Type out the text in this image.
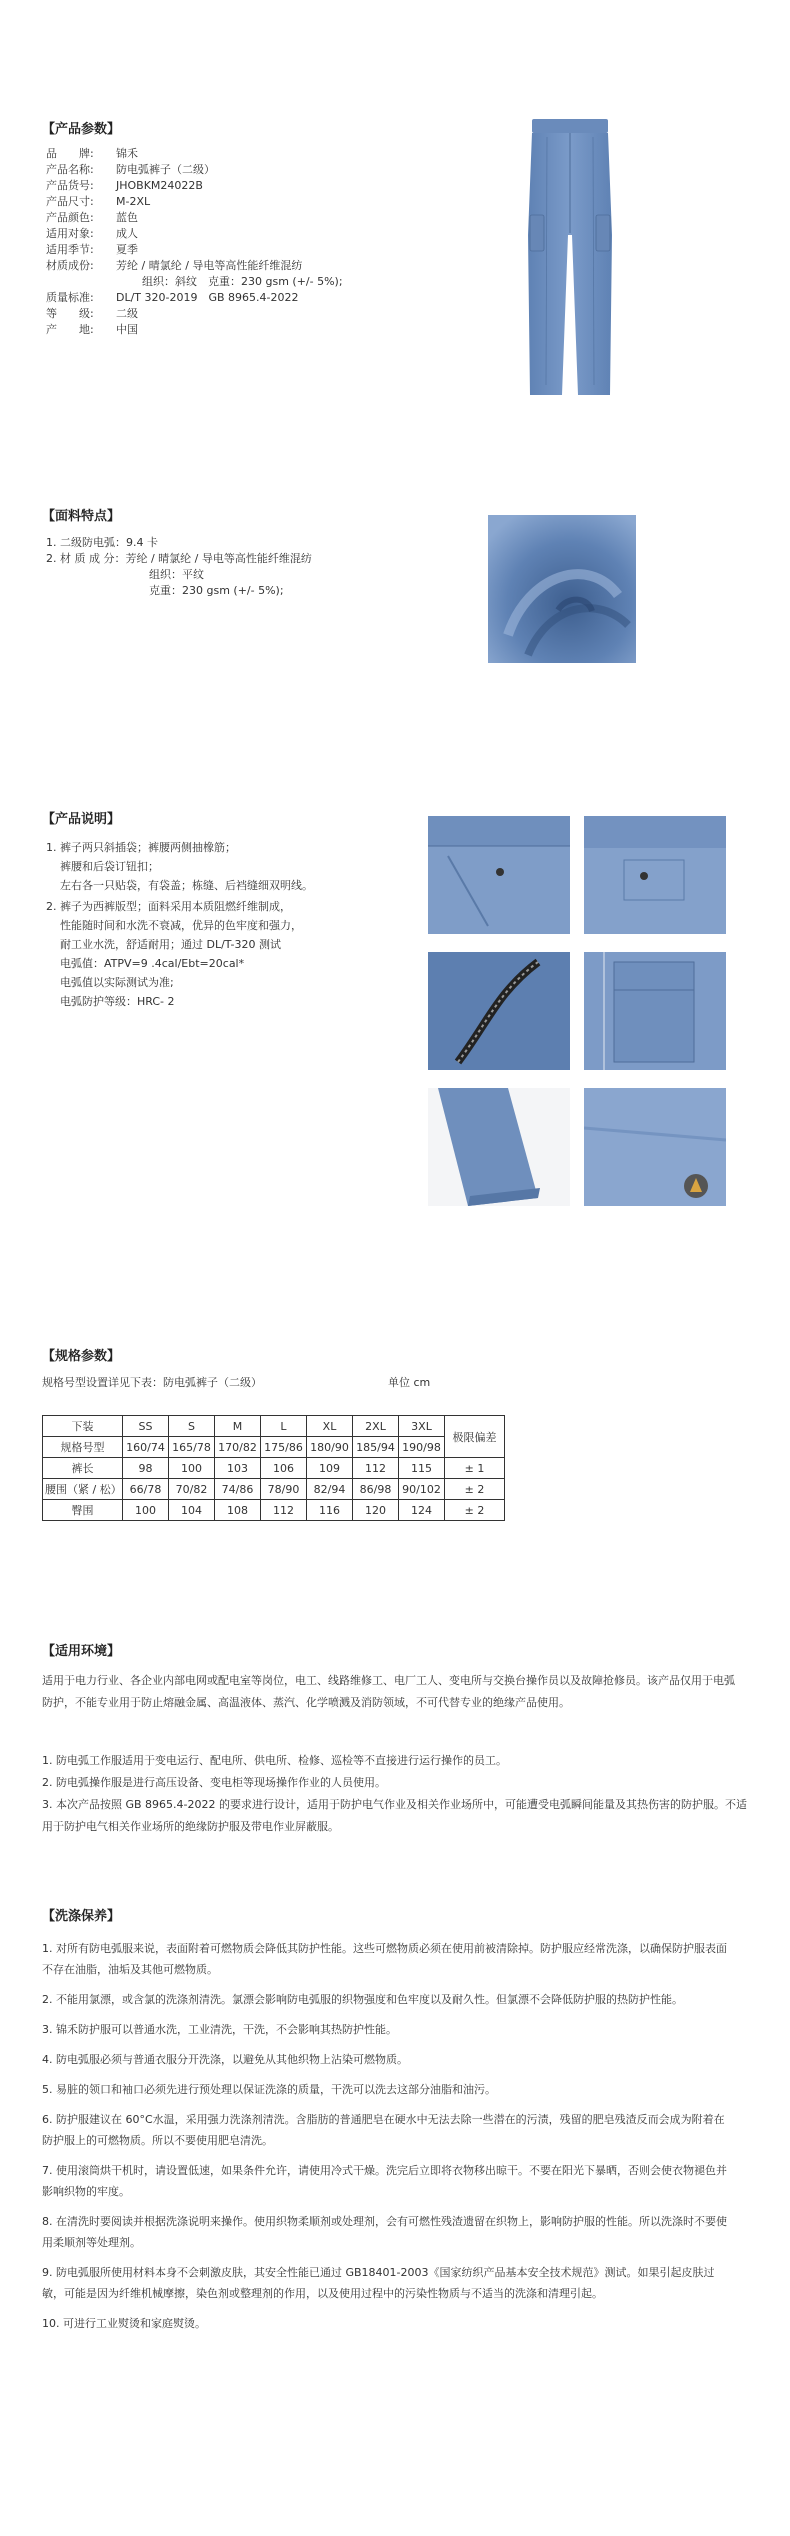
【产品参数】
品　　牌:	锦禾
产品名称:	防电弧裤子（二级）
产品货号:	JHOBKM24022B
产品尺寸:	M-2XL
产品颜色:	蓝色
适用对象:	成人
适用季节:	夏季
材质成份:	芳纶 / 晴氯纶 / 导电等高性能纤维混纺
组织：斜纹　克重：230 gsm (+/- 5%);
质量标准:	DL/T 320-2019　GB 8965.4-2022
等　　级:	二级
产　　地:	中国
【面料特点】
1. 二级防电弧：9.4 卡
2. 材 质 成 分：芳纶 / 晴氯纶 / 导电等高性能纤维混纺
组织：平纹
克重：230 gsm (+/- 5%);
【产品说明】
1. 裤子两只斜插袋；裤腰两侧抽橡筋；
裤腰和后袋订钮扣；
左右各一只贴袋，有袋盖；栋缝、后裆缝细双明线。
2. 裤子为西裤版型；面料采用本质阻燃纤维制成，
性能随时间和水洗不衰减，优异的色牢度和强力，
耐工业水洗，舒适耐用；通过 DL/T-320 测试
电弧值：ATPV=9 .4cal/Ebt=20cal*
电弧值以实际测试为准;
电弧防护等级：HRC- 2
【规格参数】
规格号型设置详见下表：防电弧裤子（二级）	单位 cm
下装	SS	S	M	L	XL	2XL	3XL	极限偏差
规格号型	160/74	165/78	170/82	175/86	180/90	185/94	190/98	
裤长	98	100	103	106	109	112	115	± 1
腰围（紧 / 松）	66/78	70/82	74/86	78/90	82/94	86/98	90/102	± 2
臀围	100	104	108	112	116	120	124	± 2
【适用环境】
适用于电力行业、各企业内部电网或配电室等岗位，电工、线路维修工、电厂工人、变电所与交换台操作员以及故障抢修员。该产品仅用于电弧防护，不能专业用于防止熔融金属、高温液体、蒸汽、化学喷溅及消防领域，不可代替专业的绝缘产品使用。
1. 防电弧工作服适用于变电运行、配电所、供电所、检修、巡检等不直接进行运行操作的员工。
2. 防电弧操作服是进行高压设备、变电柜等现场操作作业的人员使用。
3. 本次产品按照 GB 8965.4-2022 的要求进行设计，适用于防护电气作业及相关作业场所中，可能遭受电弧瞬间能量及其热伤害的防护服。不适用于防护电气相关作业场所的绝缘防护服及带电作业屏蔽服。
【洗涤保养】
1. 对所有防电弧服来说，表面附着可燃物质会降低其防护性能。这些可燃物质必须在使用前被清除掉。防护服应经常洗涤，以确保防护服表面不存在油脂，油垢及其他可燃物质。
2. 不能用氯漂，或含氯的洗涤剂清洗。氯漂会影响防电弧服的织物强度和色牢度以及耐久性。但氯漂不会降低防护服的热防护性能。
3. 锦禾防护服可以普通水洗，工业清洗，干洗，不会影响其热防护性能。
4. 防电弧服必须与普通衣服分开洗涤，以避免从其他织物上沾染可燃物质。
5. 易脏的领口和袖口必须先进行预处理以保证洗涤的质量，干洗可以洗去这部分油脂和油污。
6. 防护服建议在 60°C水温，采用强力洗涤剂清洗。含脂肪的普通肥皂在硬水中无法去除一些潜在的污渍，残留的肥皂残渣反而会成为附着在防护服上的可燃物质。所以不要使用肥皂清洗。
7. 使用滚筒烘干机时，请设置低速，如果条件允许，请使用冷式干燥。洗完后立即将衣物移出晾干。不要在阳光下暴晒，否则会使衣物褪色并影响织物的牢度。
8. 在清洗时要阅读并根据洗涤说明来操作。使用织物柔顺剂或处理剂，会有可燃性残渣遗留在织物上，影响防护服的性能。所以洗涤时不要使用柔顺剂等处理剂。
9. 防电弧服所使用材料本身不会刺激皮肤，其安全性能已通过 GB18401-2003《国家纺织产品基本安全技术规范》测试。如果引起皮肤过敏，可能是因为纤维机械摩擦，染色剂或整理剂的作用，以及使用过程中的污染性物质与不适当的洗涤和清理引起。
10. 可进行工业熨烫和家庭熨烫。
